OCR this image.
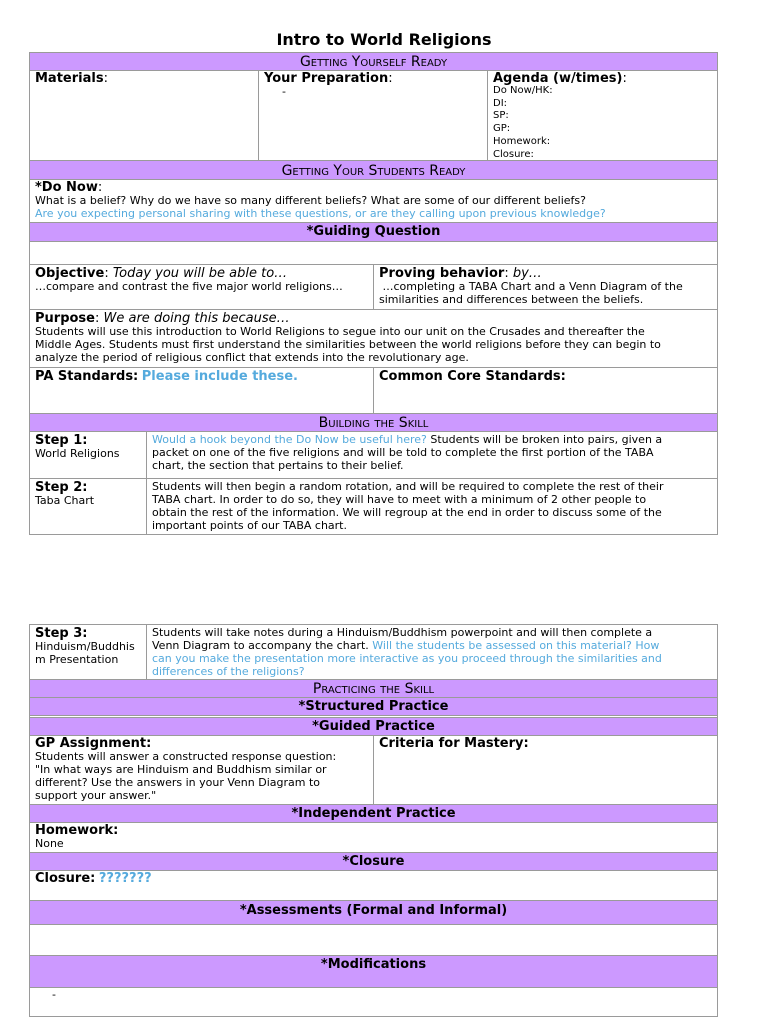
Intro to World Religions
Getting Yourself Ready
Materials:	Your Preparation:
-
Agenda (w/times):
Do Now/HK:
DI:
SP:
GP:
Homework:
Closure:
Getting Your Students Ready
*Do Now:
What is a belief? Why do we have so many different beliefs? What are some of our different beliefs?
Are you expecting personal sharing with these questions, or are they calling upon previous knowledge?
*Guiding Question
Objective: Today you will be able to…
…compare and contrast the five major world religions…
Proving behavior: by…
…completing a TABA Chart and a Venn Diagram of the
similarities and differences between the beliefs.
Purpose: We are doing this because…
Students will use this introduction to World Religions to segue into our unit on the Crusades and thereafter the
Middle Ages. Students must first understand the similarities between the world religions before they can begin to
analyze the period of religious conflict that extends into the revolutionary age.
PA Standards: Please include these.	Common Core Standards:
Building the Skill
Step 1:
World Religions
Would a hook beyond the Do Now be useful here? Students will be broken into pairs, given a
packet on one of the five religions and will be told to complete the first portion of the TABA
chart, the section that pertains to their belief.
Step 2:
Taba Chart
Students will then begin a random rotation, and will be required to complete the rest of their
TABA chart. In order to do so, they will have to meet with a minimum of 2 other people to
obtain the rest of the information. We will regroup at the end in order to discuss some of the
important points of our TABA chart.
Step 3:
Hinduism/Buddhis
m Presentation
Students will take notes during a Hinduism/Buddhism powerpoint and will then complete a
Venn Diagram to accompany the chart. Will the students be assessed on this material? How
can you make the presentation more interactive as you proceed through the similarities and
differences of the religions?
Practicing the Skill
*Structured Practice
*Guided Practice
GP Assignment:
Students will answer a constructed response question:
"In what ways are Hinduism and Buddhism similar or
different? Use the answers in your Venn Diagram to
support your answer."
Criteria for Mastery:
*Independent Practice
Homework:
None
*Closure
Closure: ???????
*Assessments (Formal and Informal)
*Modifications
-
